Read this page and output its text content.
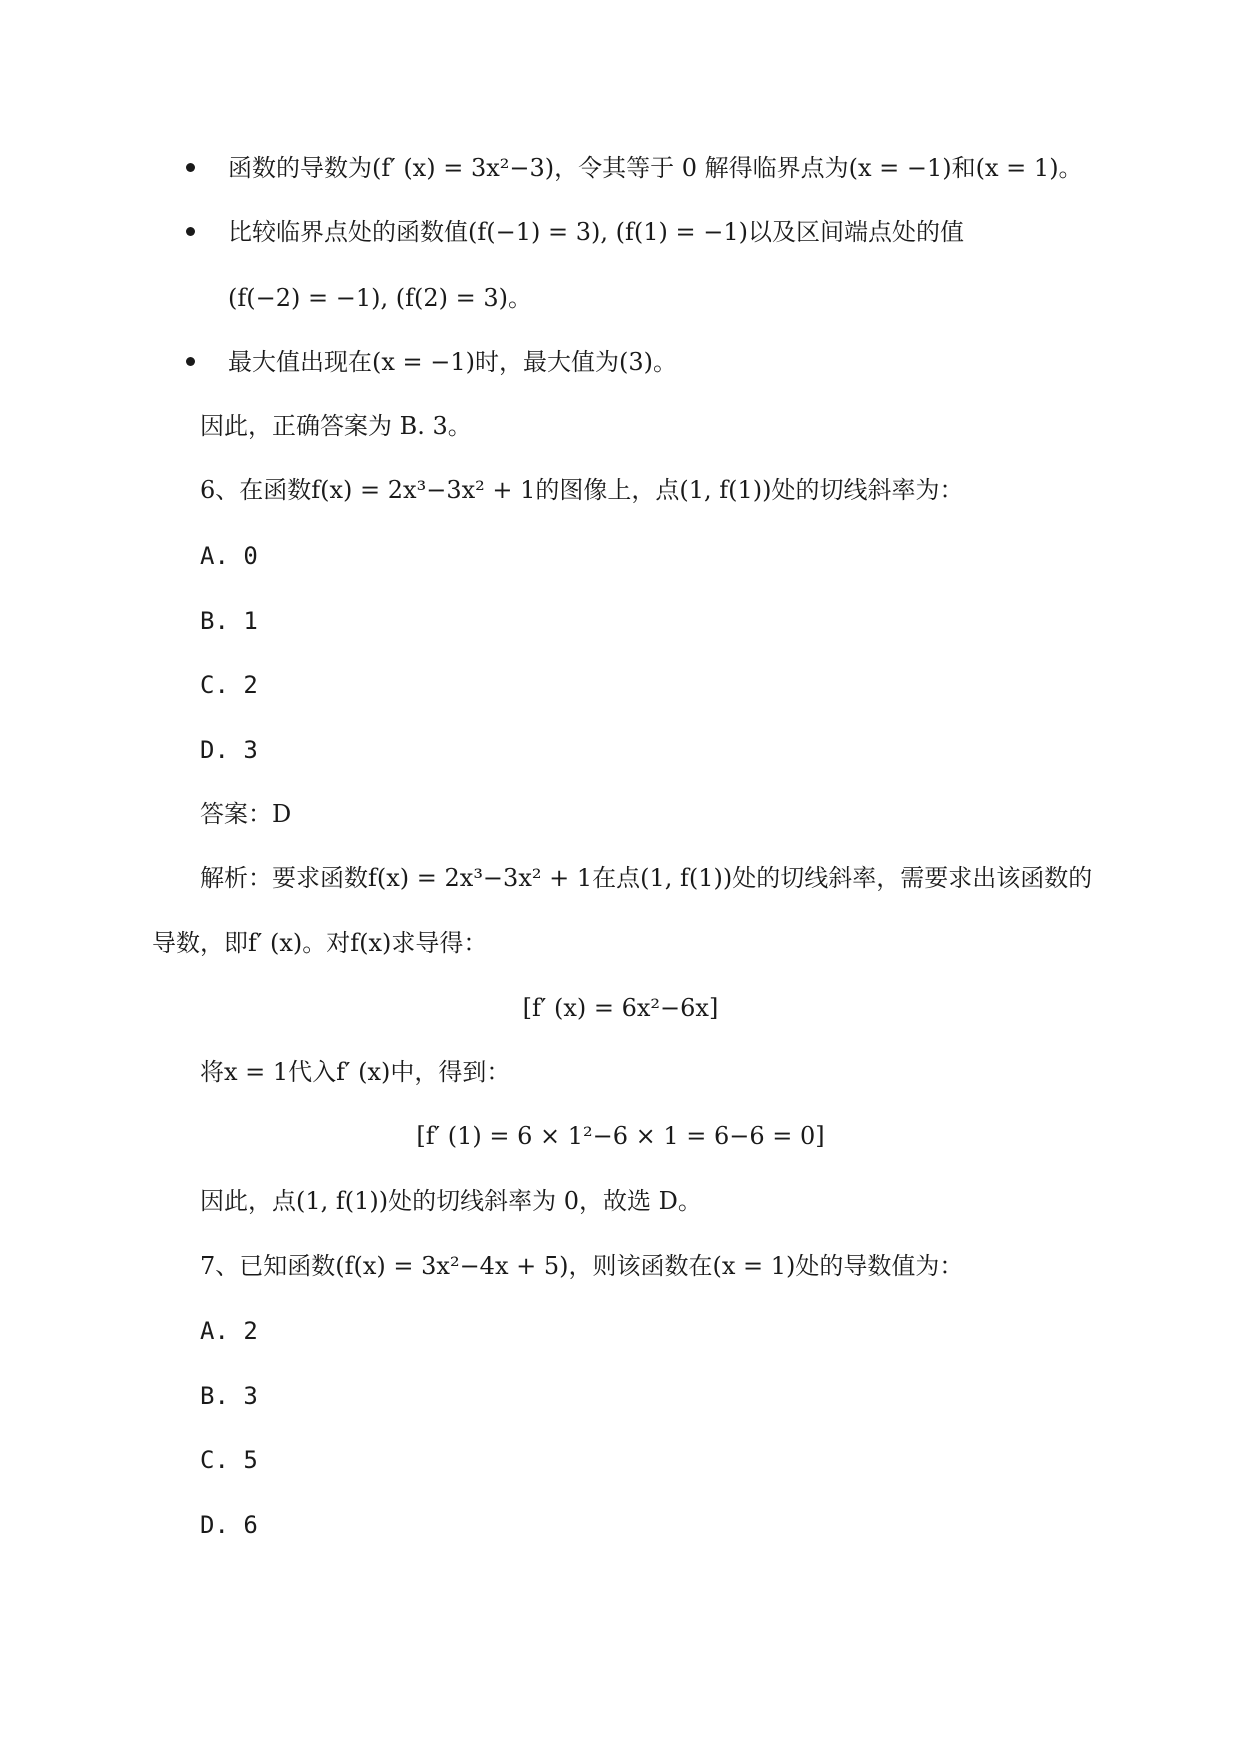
函数的导数为(f′ (x) = 3x²−3)，令其等于 0 解得临界点为(x = −1)和(x = 1)。
比较临界点处的函数值(f(−1) = 3), (f(1) = −1)以及区间端点处的值
(f(−2) = −1), (f(2) = 3)。
最大值出现在(x = −1)时，最大值为(3)。
因此，正确答案为 B. 3。
6、在函数f(x) = 2x³−3x² + 1的图像上，点(1, f(1))处的切线斜率为：
A. 0
B. 1
C. 2
D. 3
答案：D
解析：要求函数f(x) = 2x³−3x² + 1在点(1, f(1))处的切线斜率，需要求出该函数的
导数，即f′ (x)。对f(x)求导得：
[f′ (x) = 6x²−6x]
将x = 1代入f′ (x)中，得到：
[f′ (1) = 6 × 1²−6 × 1 = 6−6 = 0]
因此，点(1, f(1))处的切线斜率为 0，故选 D。
7、已知函数(f(x) = 3x²−4x + 5)，则该函数在(x = 1)处的导数值为：
A. 2
B. 3
C. 5
D. 6
